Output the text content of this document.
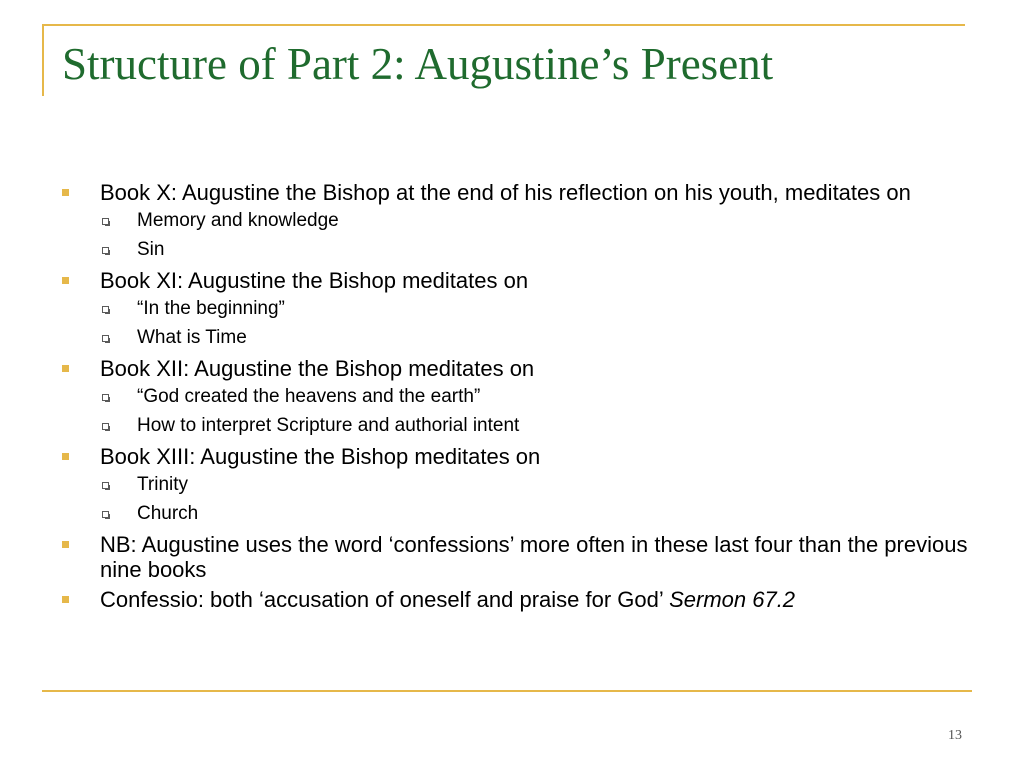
Structure of Part 2: Augustine’s Present
Book X: Augustine the Bishop at the end of his reflection on his youth, meditates on
Memory and knowledge
Sin
Book XI: Augustine the Bishop meditates on
“In the beginning”
What is Time
Book XII: Augustine the Bishop meditates on
“God created the heavens and the earth”
How to interpret Scripture and authorial intent
Book XIII: Augustine the Bishop meditates on
Trinity
Church
NB: Augustine uses the word ‘confessions’ more often in these last four than the previous nine books
Confessio: both ‘accusation of oneself and praise for God’ Sermon 67.2
13
